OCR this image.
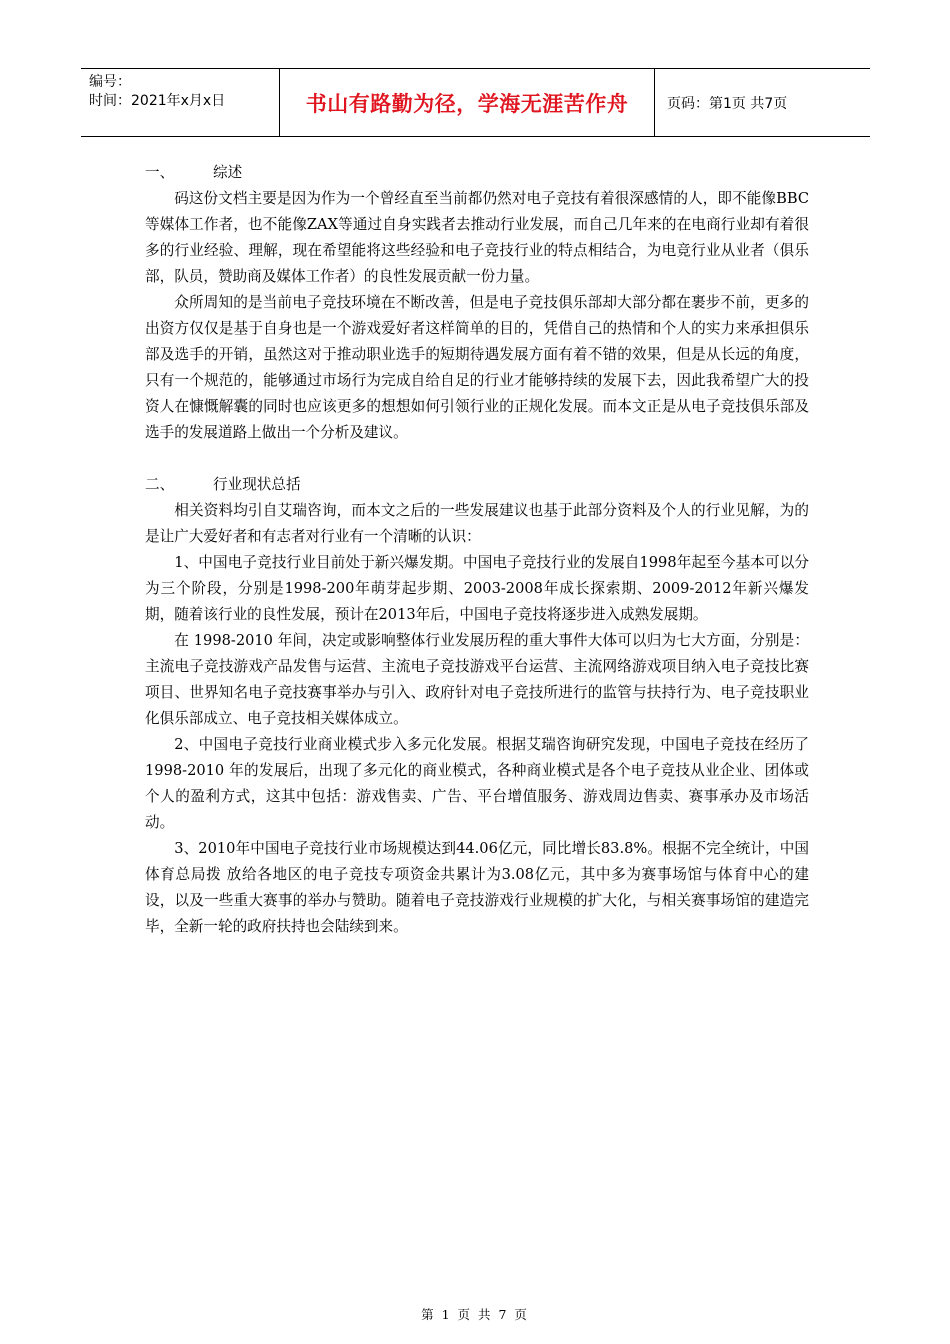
编号：
时间：2021年x月x日	书山有路勤为径，学海无涯苦作舟	页码：第1页 共7页
一、	综述

码这份文档主要是因为作为一个曾经直至当前都仍然对电子竞技有着很深感情的人，即不能像BBC等媒体工作者，也不能像ZAX等通过自身实践者去推动行业发展，而自己几年来的在电商行业却有着很多的行业经验、理解，现在希望能将这些经验和电子竞技行业的特点相结合，为电竞行业从业者（俱乐部，队员，赞助商及媒体工作者）的良性发展贡献一份力量。

众所周知的是当前电子竞技环境在不断改善，但是电子竞技俱乐部却大部分都在裹步不前，更多的出资方仅仅是基于自身也是一个游戏爱好者这样简单的目的，凭借自己的热情和个人的实力来承担俱乐部及选手的开销，虽然这对于推动职业选手的短期待遇发展方面有着不错的效果，但是从长远的角度，只有一个规范的，能够通过市场行为完成自给自足的行业才能够持续的发展下去，因此我希望广大的投资人在慷慨解囊的同时也应该更多的想想如何引领行业的正规化发展。而本文正是从电子竞技俱乐部及选手的发展道路上做出一个分析及建议。

二、	行业现状总括

相关资料均引自艾瑞咨询，而本文之后的一些发展建议也基于此部分资料及个人的行业见解，为的是让广大爱好者和有志者对行业有一个清晰的认识：

1、中国电子竞技行业目前处于新兴爆发期。中国电子竞技行业的发展自1998年起至今基本可以分为三个阶段，分别是1998-200年萌芽起步期、2003-2008年成长探索期、2009-2012年新兴爆发期，随着该行业的良性发展，预计在2013年后，中国电子竞技将逐步进入成熟发展期。

在 1998-2010 年间，决定或影响整体行业发展历程的重大事件大体可以归为七大方面，分别是：主流电子竞技游戏产品发售与运营、主流电子竞技游戏平台运营、主流网络游戏项目纳入电子竞技比赛项目、世界知名电子竞技赛事举办与引入、政府针对电子竞技所进行的监管与扶持行为、电子竞技职业化俱乐部成立、电子竞技相关媒体成立。

2、中国电子竞技行业商业模式步入多元化发展。根据艾瑞咨询研究发现，中国电子竞技在经历了 1998-2010 年的发展后，出现了多元化的商业模式，各种商业模式是各个电子竞技从业企业、团体或个人的盈利方式，这其中包括：游戏售卖、广告、平台增值服务、游戏周边售卖、赛事承办及市场活动。

3、2010年中国电子竞技行业市场规模达到44.06亿元，同比增长83.8%。根据不完全统计，中国体育总局拨 放给各地区的电子竞技专项资金共累计为3.08亿元，其中多为赛事场馆与体育中心的建设，以及一些重大赛事的举办与赞助。随着电子竞技游戏行业规模的扩大化，与相关赛事场馆的建造完毕，全新一轮的政府扶持也会陆续到来。

第 1 页 共 7 页
